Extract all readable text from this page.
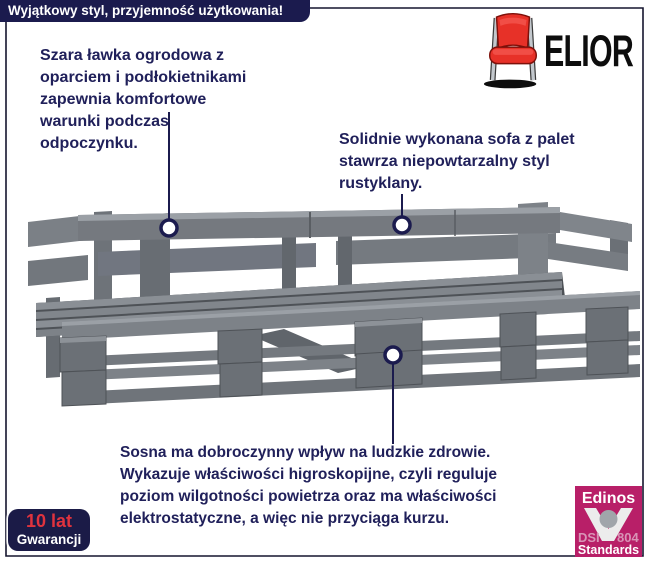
Wyjątkowy styl, przyjemność użytkowania!
Szara ławka ogrodowa z
oparciem i podłokietnikami
zapewnia komfortowe
warunki podczas
odpoczynku.	Solidnie wykonana sofa z palet
stawrza niepowtarzalny styl
rustyklany.
Sosna ma dobroczynny wpływ na ludzkie zdrowie.
Wykazuje właściwości higroskopijne, czyli reguluje
poziom wilgotności powietrza oraz ma właściwości
elektrostatyczne, a więc nie przyciąga kurzu.
ELIOR
10 lat
Gwarancji
Edinos
DSI 804
Standards
